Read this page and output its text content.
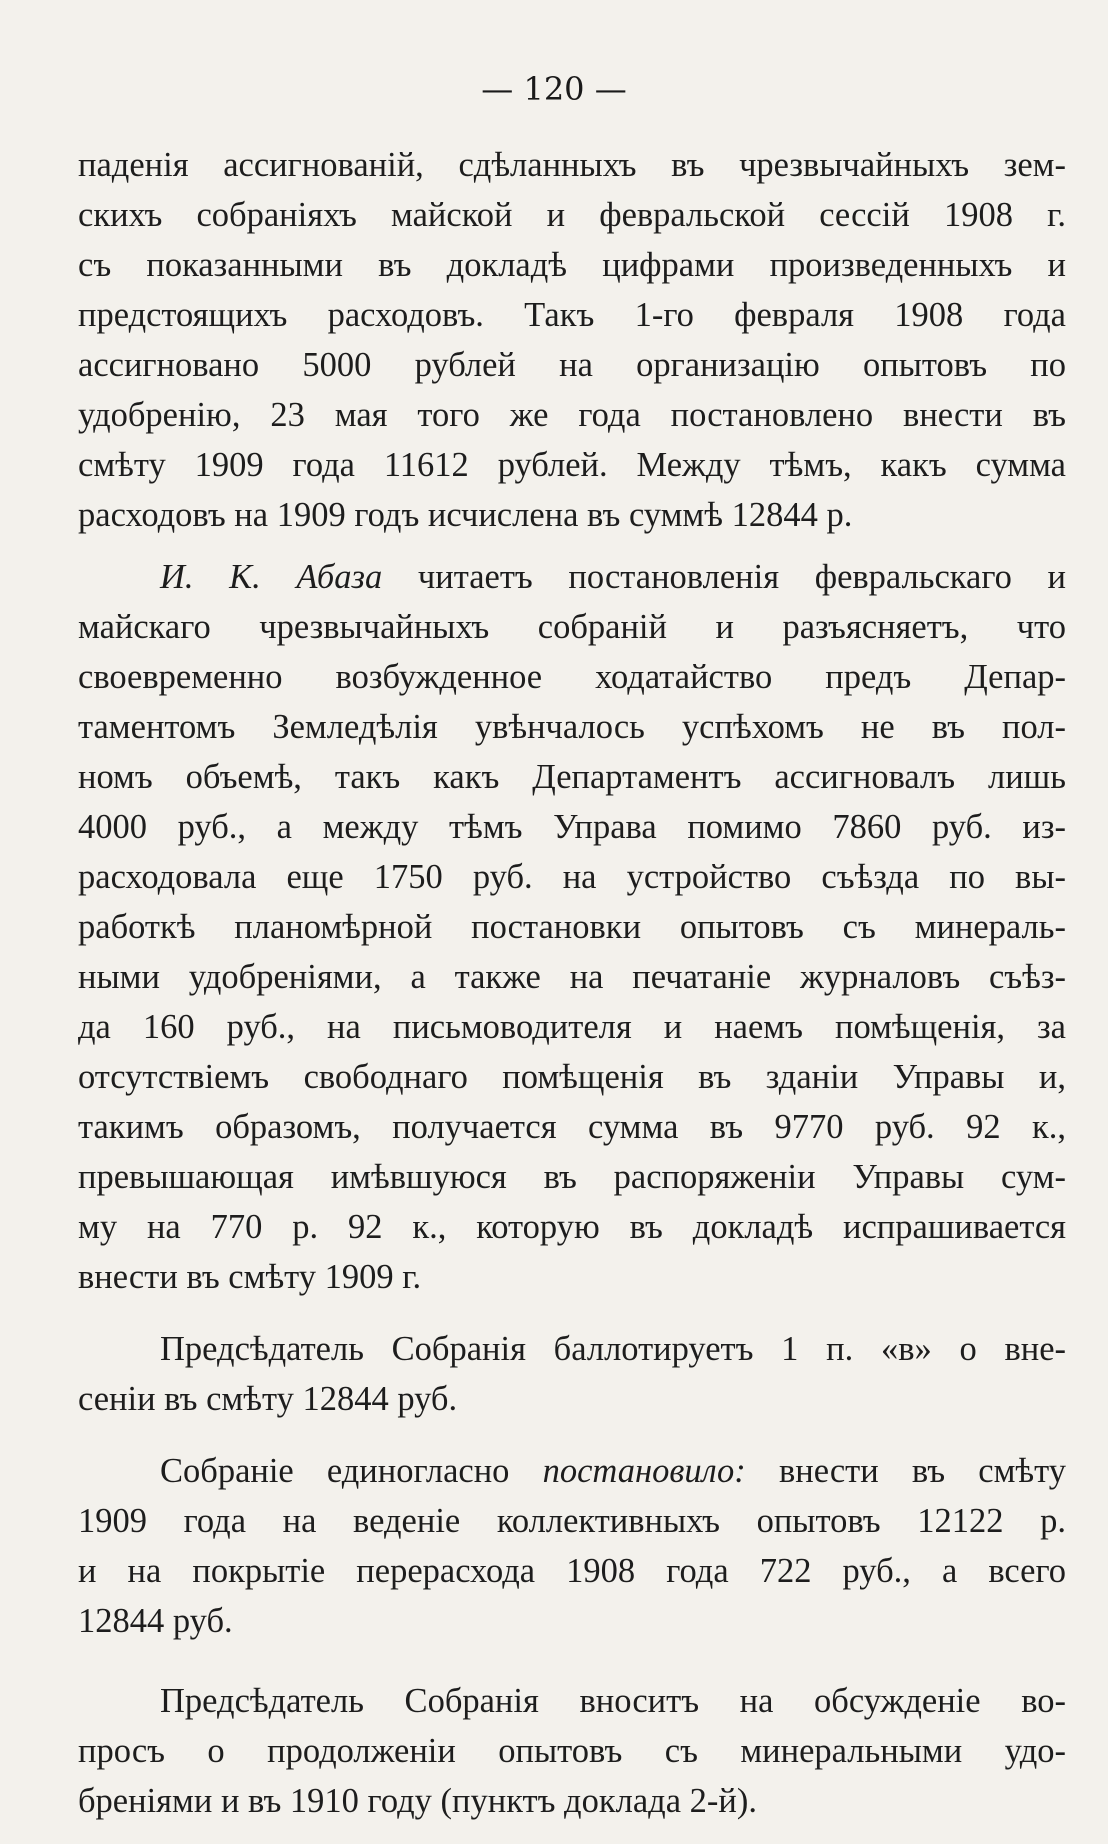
— 120 —
паденія ассигнованій, сдѣланныхъ въ чрезвычайныхъ зем-
скихъ собраніяхъ майской и февральской сессій 1908 г.
съ показанными въ докладѣ цифрами произведенныхъ и
предстоящихъ расходовъ. Такъ 1-го февраля 1908 года
ассигновано 5000 рублей на организацію опытовъ по
удобренію, 23 мая того же года постановлено внести въ
смѣту 1909 года 11612 рублей. Между тѣмъ, какъ сумма
расходовъ на 1909 годъ исчислена въ суммѣ 12844 р.
И. К. Абаза читаетъ постановленія февральскаго и
майскаго чрезвычайныхъ собраній и разъясняетъ, что
своевременно возбужденное ходатайство предъ Депар-
таментомъ Земледѣлія увѣнчалось успѣхомъ не въ пол-
номъ объемѣ, такъ какъ Департаментъ ассигновалъ лишь
4000 руб., а между тѣмъ Управа помимо 7860 руб. из-
расходовала еще 1750 руб. на устройство съѣзда по вы-
работкѣ планомѣрной постановки опытовъ съ минераль-
ными удобреніями, а также на печатаніе журналовъ съѣз-
да 160 руб., на письмоводителя и наемъ помѣщенія, за
отсутствіемъ свободнаго помѣщенія въ зданіи Управы и,
такимъ образомъ, получается сумма въ 9770 руб. 92 к.,
превышающая имѣвшуюся въ распоряженіи Управы сум-
му на 770 р. 92 к., которую въ докладѣ испрашивается
внести въ смѣту 1909 г.
Предсѣдатель Собранія баллотируетъ 1 п. «в» о вне-
сеніи въ смѣту 12844 руб.
Собраніе единогласно постановило: внести въ смѣту
1909 года на веденіе коллективныхъ опытовъ 12122 р.
и на покрытіе перерасхода 1908 года 722 руб., а всего
12844 руб.
Предсѣдатель Собранія вноситъ на обсужденіе во-
просъ о продолженіи опытовъ съ минеральными удо-
бреніями и въ 1910 году (пунктъ доклада 2-й).
